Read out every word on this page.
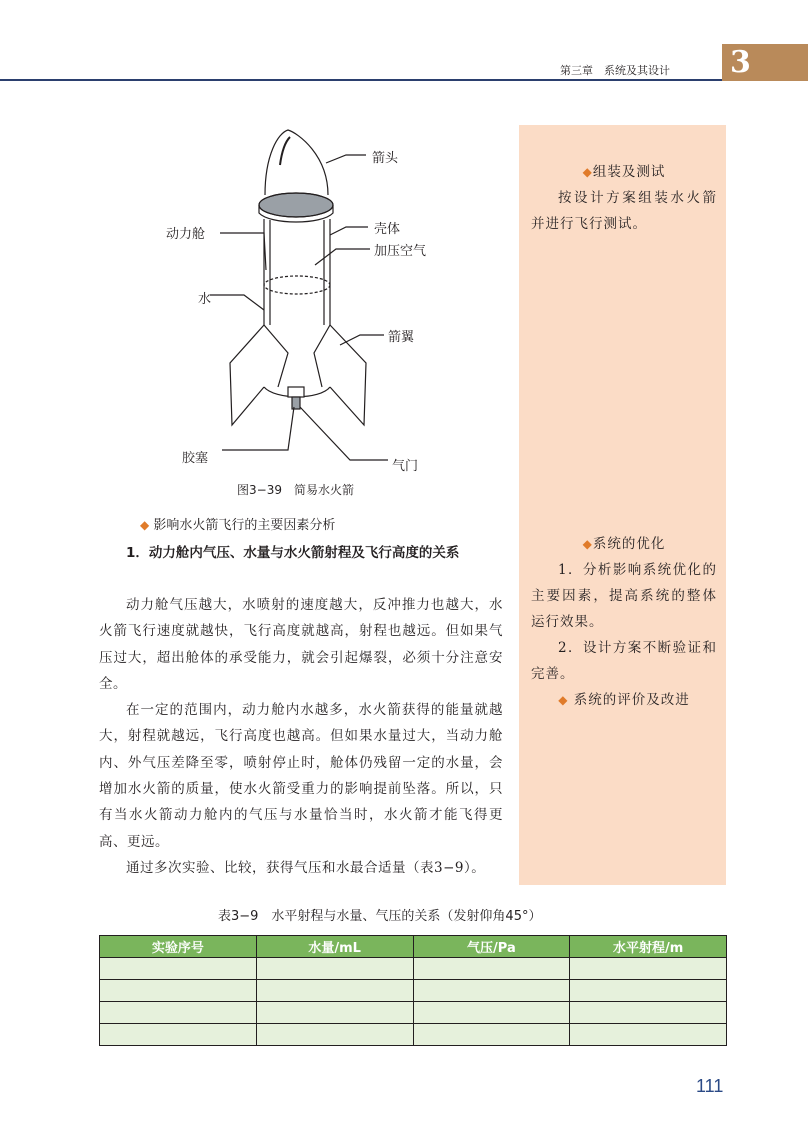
第三章　系统及其设计 3
◆组装及测试
按设计方案组装水火箭并进行飞行测试。
◆系统的优化
1．分析影响系统优化的主要因素，提高系统的整体运行效果。
2．设计方案不断验证和完善。
◆ 系统的评价及改进
箭头
动力舱	壳体
加压空气
水
箭翼
胶塞
气门
图3−39　简易水火箭
◆ 影响水火箭飞行的主要因素分析
1．动力舱内气压、水量与水火箭射程及飞行高度的关系
动力舱气压越大，水喷射的速度越大，反冲推力也越大，水火箭飞行速度就越快，飞行高度就越高，射程也越远。但如果气压过大，超出舱体的承受能力，就会引起爆裂，必须十分注意安全。
在一定的范围内，动力舱内水越多，水火箭获得的能量就越大，射程就越远，飞行高度也越高。但如果水量过大，当动力舱内、外气压差降至零，喷射停止时，舱体仍残留一定的水量，会增加水火箭的质量，使水火箭受重力的影响提前坠落。所以，只有当水火箭动力舱内的气压与水量恰当时，水火箭才能飞得更高、更远。
通过多次实验、比较，获得气压和水最合适量（表3−9）。
表3−9　水平射程与水量、气压的关系（发射仰角45°）
实验序号	水量/mL	气压/Pa	水平射程/m

111
